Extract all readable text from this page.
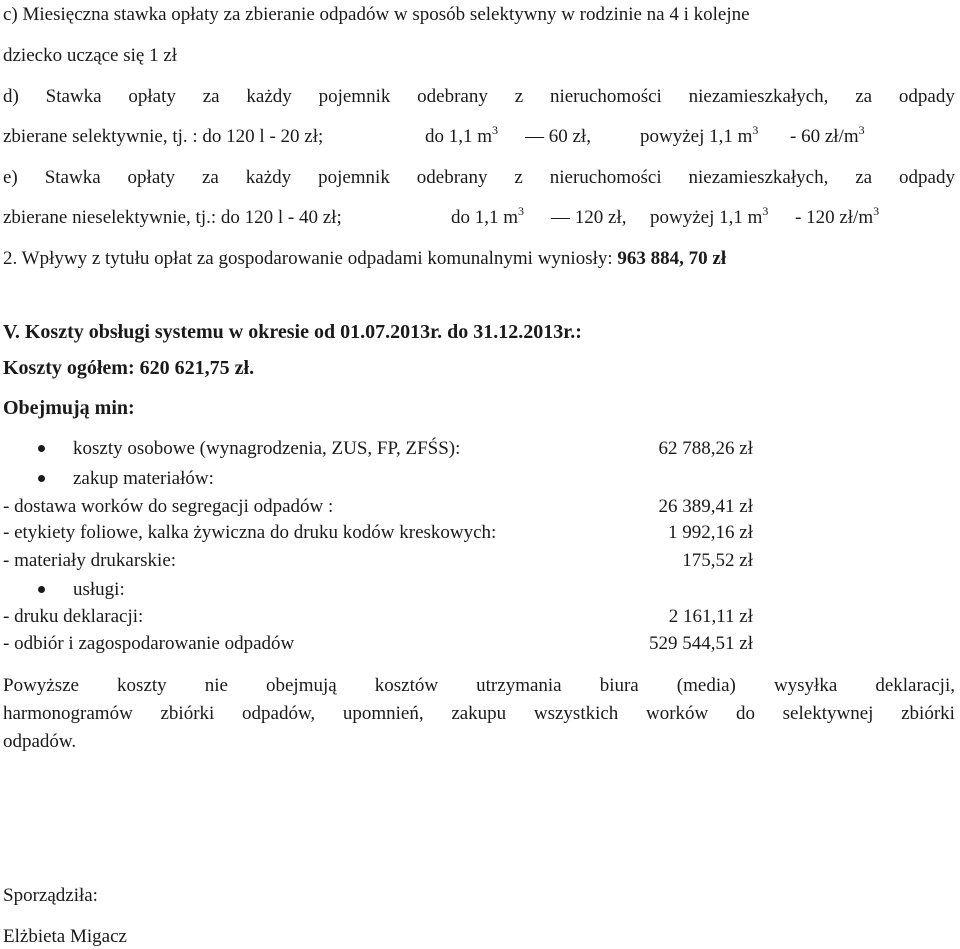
c) Miesięczna stawka opłaty za zbieranie odpadów w sposób selektywny w rodzinie na 4 i kolejne
dziecko uczące się 1 zł
d) Stawka opłaty za każdy pojemnik odebrany z nieruchomości niezamieszkałych, za odpady
zbierane selektywnie, tj. : do 120 l - 20 zł;	do 1,1 $m^3$ — 60 zł,	powyżej 1,1 $m^3 - 60$ $zł/m^3$
e) Stawka opłaty za każdy pojemnik odebrany z nieruchomości niezamieszkałych, za odpady
zbierane nieselektywnie, tj.: do 120 l - 40 zł;	do 1,1 $m^3$ — 120 zł, powyżej 1,1 $m^3 - 120$ $zł/m^3$
2. Wpływy z tytułu opłat za gospodarowanie odpadami komunalnymi wyniosły: 963 884, 70 zł
V. Koszty obsługi systemu w okresie od 01.07.2013r. do 31.12.2013r.:
Koszty ogółem: 620 621,75 zł.
Obejmują min:
koszty osobowe (wynagrodzenia, ZUS, FP, ZFŚS):	62 788,26 zł
zakup materiałów:
- dostawa worków do segregacji odpadów :	26 389,41 zł
- etykiety foliowe, kalka żywiczna do druku kodów kreskowych:	1 992,16 zł
- materiały drukarskie:	175,52 zł
usługi:
- druku deklaracji:	2 161,11 zł
- odbiór i zagospodarowanie odpadów	529 544,51 zł
Powyższe koszty nie obejmują kosztów utrzymania biura (media) wysyłka deklaracji,
harmonogramów zbiórki odpadów, upomnień, zakupu wszystkich worków do selektywnej zbiórki
odpadów.
Sporządziła:
Elżbieta Migacz
